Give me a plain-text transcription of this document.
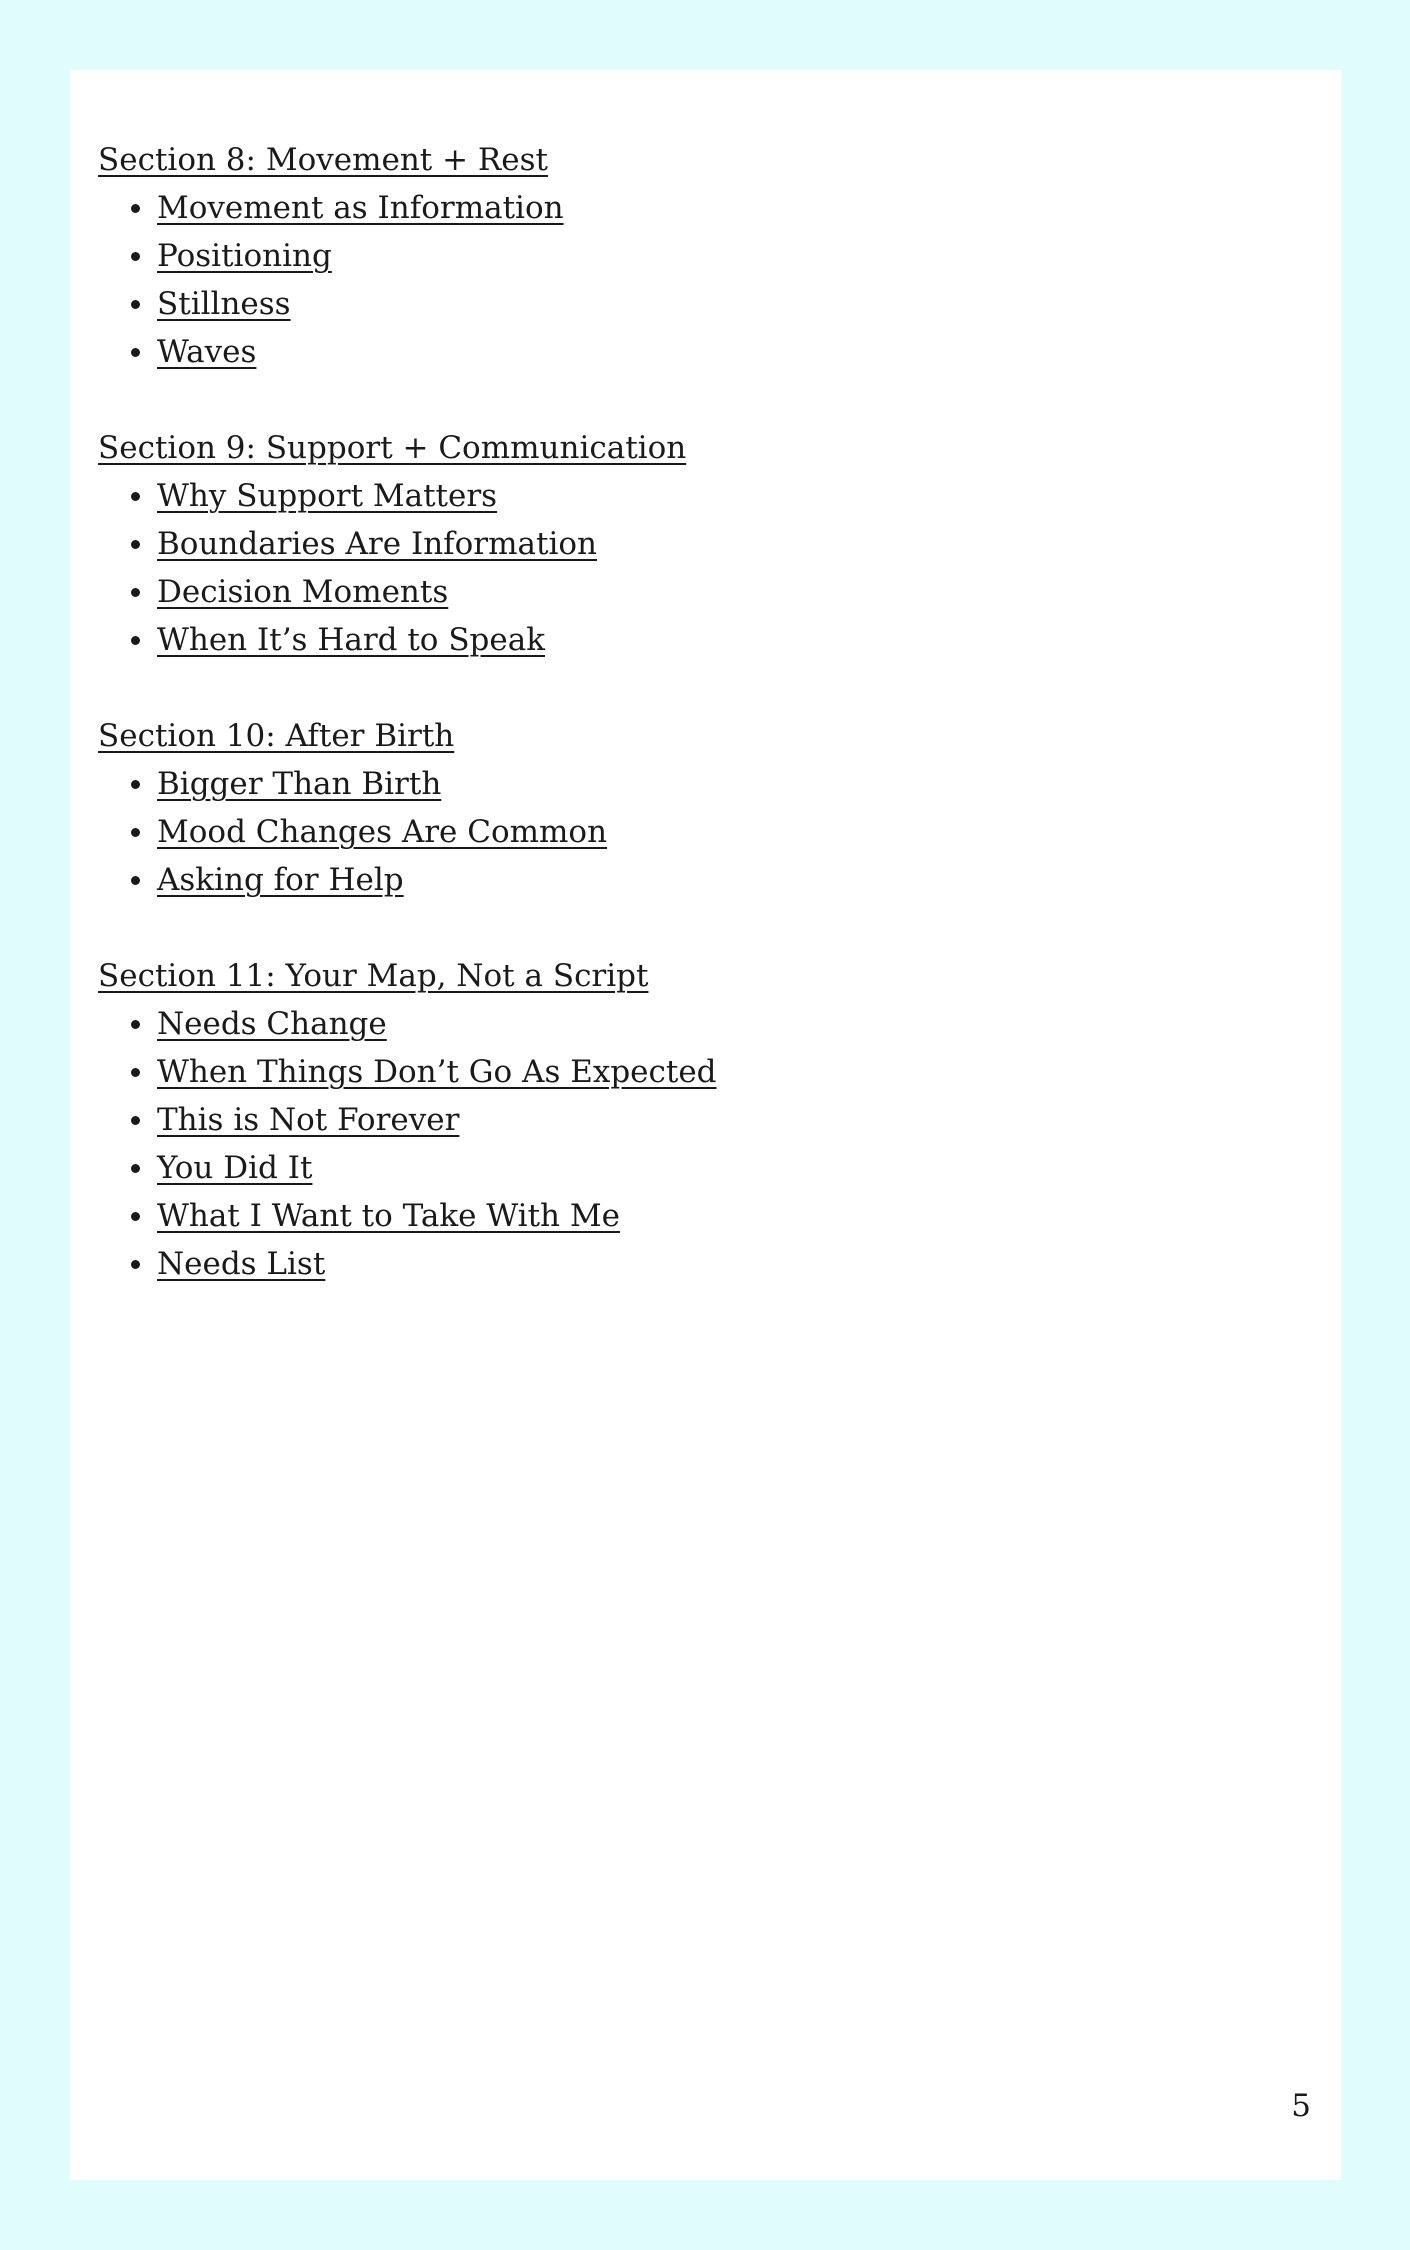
Section 8: Movement + Rest
Movement as Information
Positioning
Stillness
Waves
Section 9: Support + Communication
Why Support Matters
Boundaries Are Information
Decision Moments
When It’s Hard to Speak
Section 10: After Birth
Bigger Than Birth
Mood Changes Are Common
Asking for Help
Section 11: Your Map, Not a Script
Needs Change
When Things Don’t Go As Expected
This is Not Forever
You Did It
What I Want to Take With Me
Needs List
5
